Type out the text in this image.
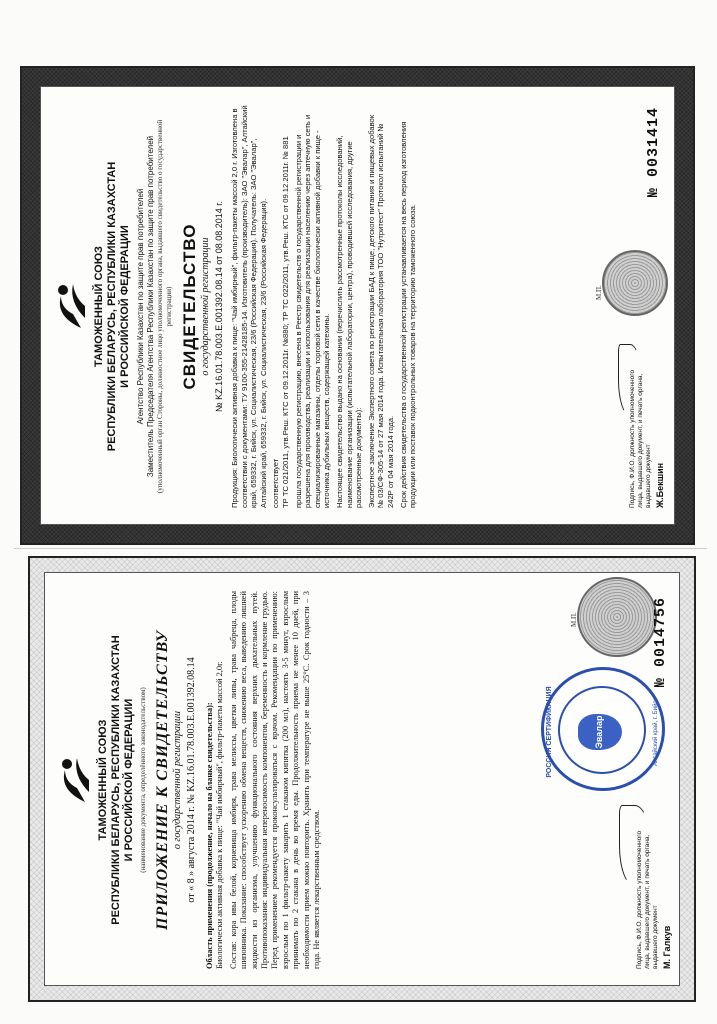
ТАМОЖЕННЫЙ СОЮЗ РЕСПУБЛИКИ БЕЛАРУСЬ, РЕСПУБЛИКИ КАЗАХСТАН И РОССИЙСКОЙ ФЕДЕРАЦИИ Агентство Республики Казахстан по защите прав потребителей Заместитель Председателя Агентства Республики Казахстан по защите прав потребителей (уполномоченный орган Стороны, должностное лицо уполномоченного органа, выдавшего свидетельство о государственной регистрации) СВИДЕТЕЛЬСТВО о государственной регистрации № KZ.16.01.78.003.E.001392.08.14 от 08.08.2014 г.

Продукция: Биологически активная добавка к пище: "Чай имбирный", фильтр-пакеты массой 2,0 г. Изготовлена в соответствии с документами: ТУ 9100-355-21428185-14. Изготовитель (производитель): ЗАО "Эвалар", Алтайский край, 659332, г. Бийск, ул. Социалистическая, 23/6 (Российская Федерация). Получатель: ЗАО "Эвалар", Алтайский край, 659332, г. Бийск, ул. Социалистическая, 23/6 (Российская Федерация). соответствует
ТР ТС 021/2011, утв.Реш. КТС от 09.12.2011г. №880; ТР ТС 022/2011, утв.Реш. КТС от 09.12.2011г. № 881 прошла государственную регистрацию, внесена в Реестр свидетельств о государственной регистрации и разрешена для производства, реализации и использования для реализации населению через аптечную сеть и специализированные магазины, отделы торговой сети в качестве биологически активной добавки к пище - источника дубильных веществ, содержащей катехины. Настоящее свидетельство выдано на основании (перечислить рассмотренные протоколы исследований, наименование организации (испытательной лаборатории, центра), проводившей исследования, другие рассмотренные документы): Экспертное заключение Экспертного совета по регистрации БАД к пище, детского питания и пищевых добавок № 03/СФ-305-14 от 27 мая 2014 года. Испытательная лаборатория ТОО "Нутритест" Протокол испытаний № 242Р от 04 мая 2014 года. Срок действия свидетельства о государственной регистрации устанавливается на весь период изготовления продукции или поставок подконтрольных товаров на территорию таможенного союза.	Подпись, Ф.И.О. должность уполномоченного лица, выдавшего документ, и печать органа, выдавшего документ Ж.Бекшин
М.П.
№ 0031414
ТАМОЖЕННЫЙ СОЮЗ РЕСПУБЛИКИ БЕЛАРУСЬ, РЕСПУБЛИКИ КАЗАХСТАН И РОССИЙСКОЙ ФЕДЕРАЦИИ (наименование документа, определённого законодательством) ПРИЛОЖЕНИЕ К СВИДЕТЕЛЬСТВУ о государственной регистрации от « 8 » августа 2014 г. № KZ.16.01.78.003.E.001392.08.14 Область применения (продолжение, начало на бланке свидетельства):
Биологически активная добавка к пище: "Чай имбирный", фильтр-пакеты массой 2,0г. Состав: кора ивы белой, корневища имбиря, трава мелиссы, цветки липы, трава чабреца, плоды шиповника. Показание: способствует ускорению обмена веществ, снижению веса, выведению лишней жидкости из организма, улучшению функционального состояния верхних дыхательных путей. Противопоказания: индивидуальная непереносимость компонентов, беременность и кормление грудью. Перед применением рекомендуется проконсультироваться с врачом. Рекомендации по применению: взрослым по 1 фильтр-пакету заварить 1 стаканом кипятка (200 мл), настоять 3-5 минут, взрослым принимать по 2 стакана в день во время еды. Продолжительность приема не менее 10 дней, при необходимости прием можно повторить. Хранить при температуре не выше 25°С. Срок годности – 3 года. Не является лекарственным средством.	Подпись, Ф.И.О. должность уполномоченного лица, выдавшего документ, и печать органа, выдавшего документ М. Галкув
Эвалар
РОССИЯ СЕРТИФИКАЦИЯ	Алтайский край, г. Бийск
М.П.	№ 0014756
